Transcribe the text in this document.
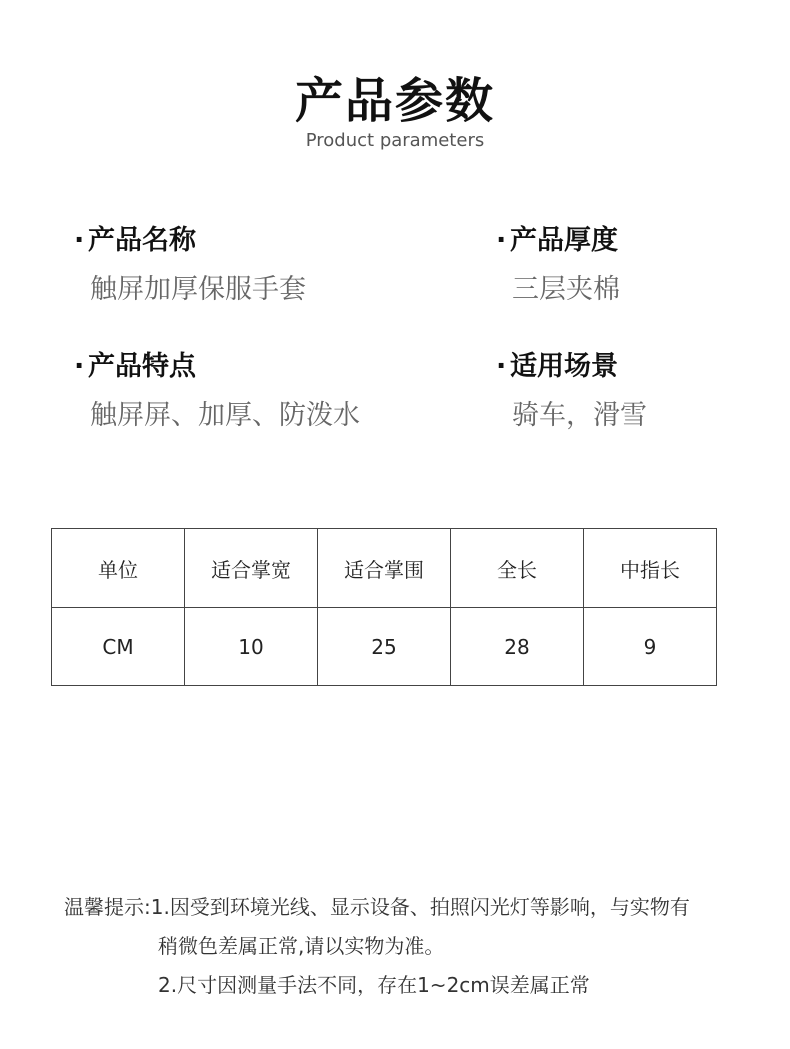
产品参数
Product parameters
· 产品名称
触屏加厚保服手套
· 产品厚度
三层夹棉
· 产品特点
触屏屏、加厚、防泼水
· 适用场景
骑车，滑雪
单位	适合掌宽	适合掌围	全长	中指长
CM	10	25	28	9
温馨提示:1.因受到环境光线、显示设备、拍照闪光灯等影响，与实物有
稍微色差属正常,请以实物为准。
2.尺寸因测量手法不同，存在1~2cm误差属正常
